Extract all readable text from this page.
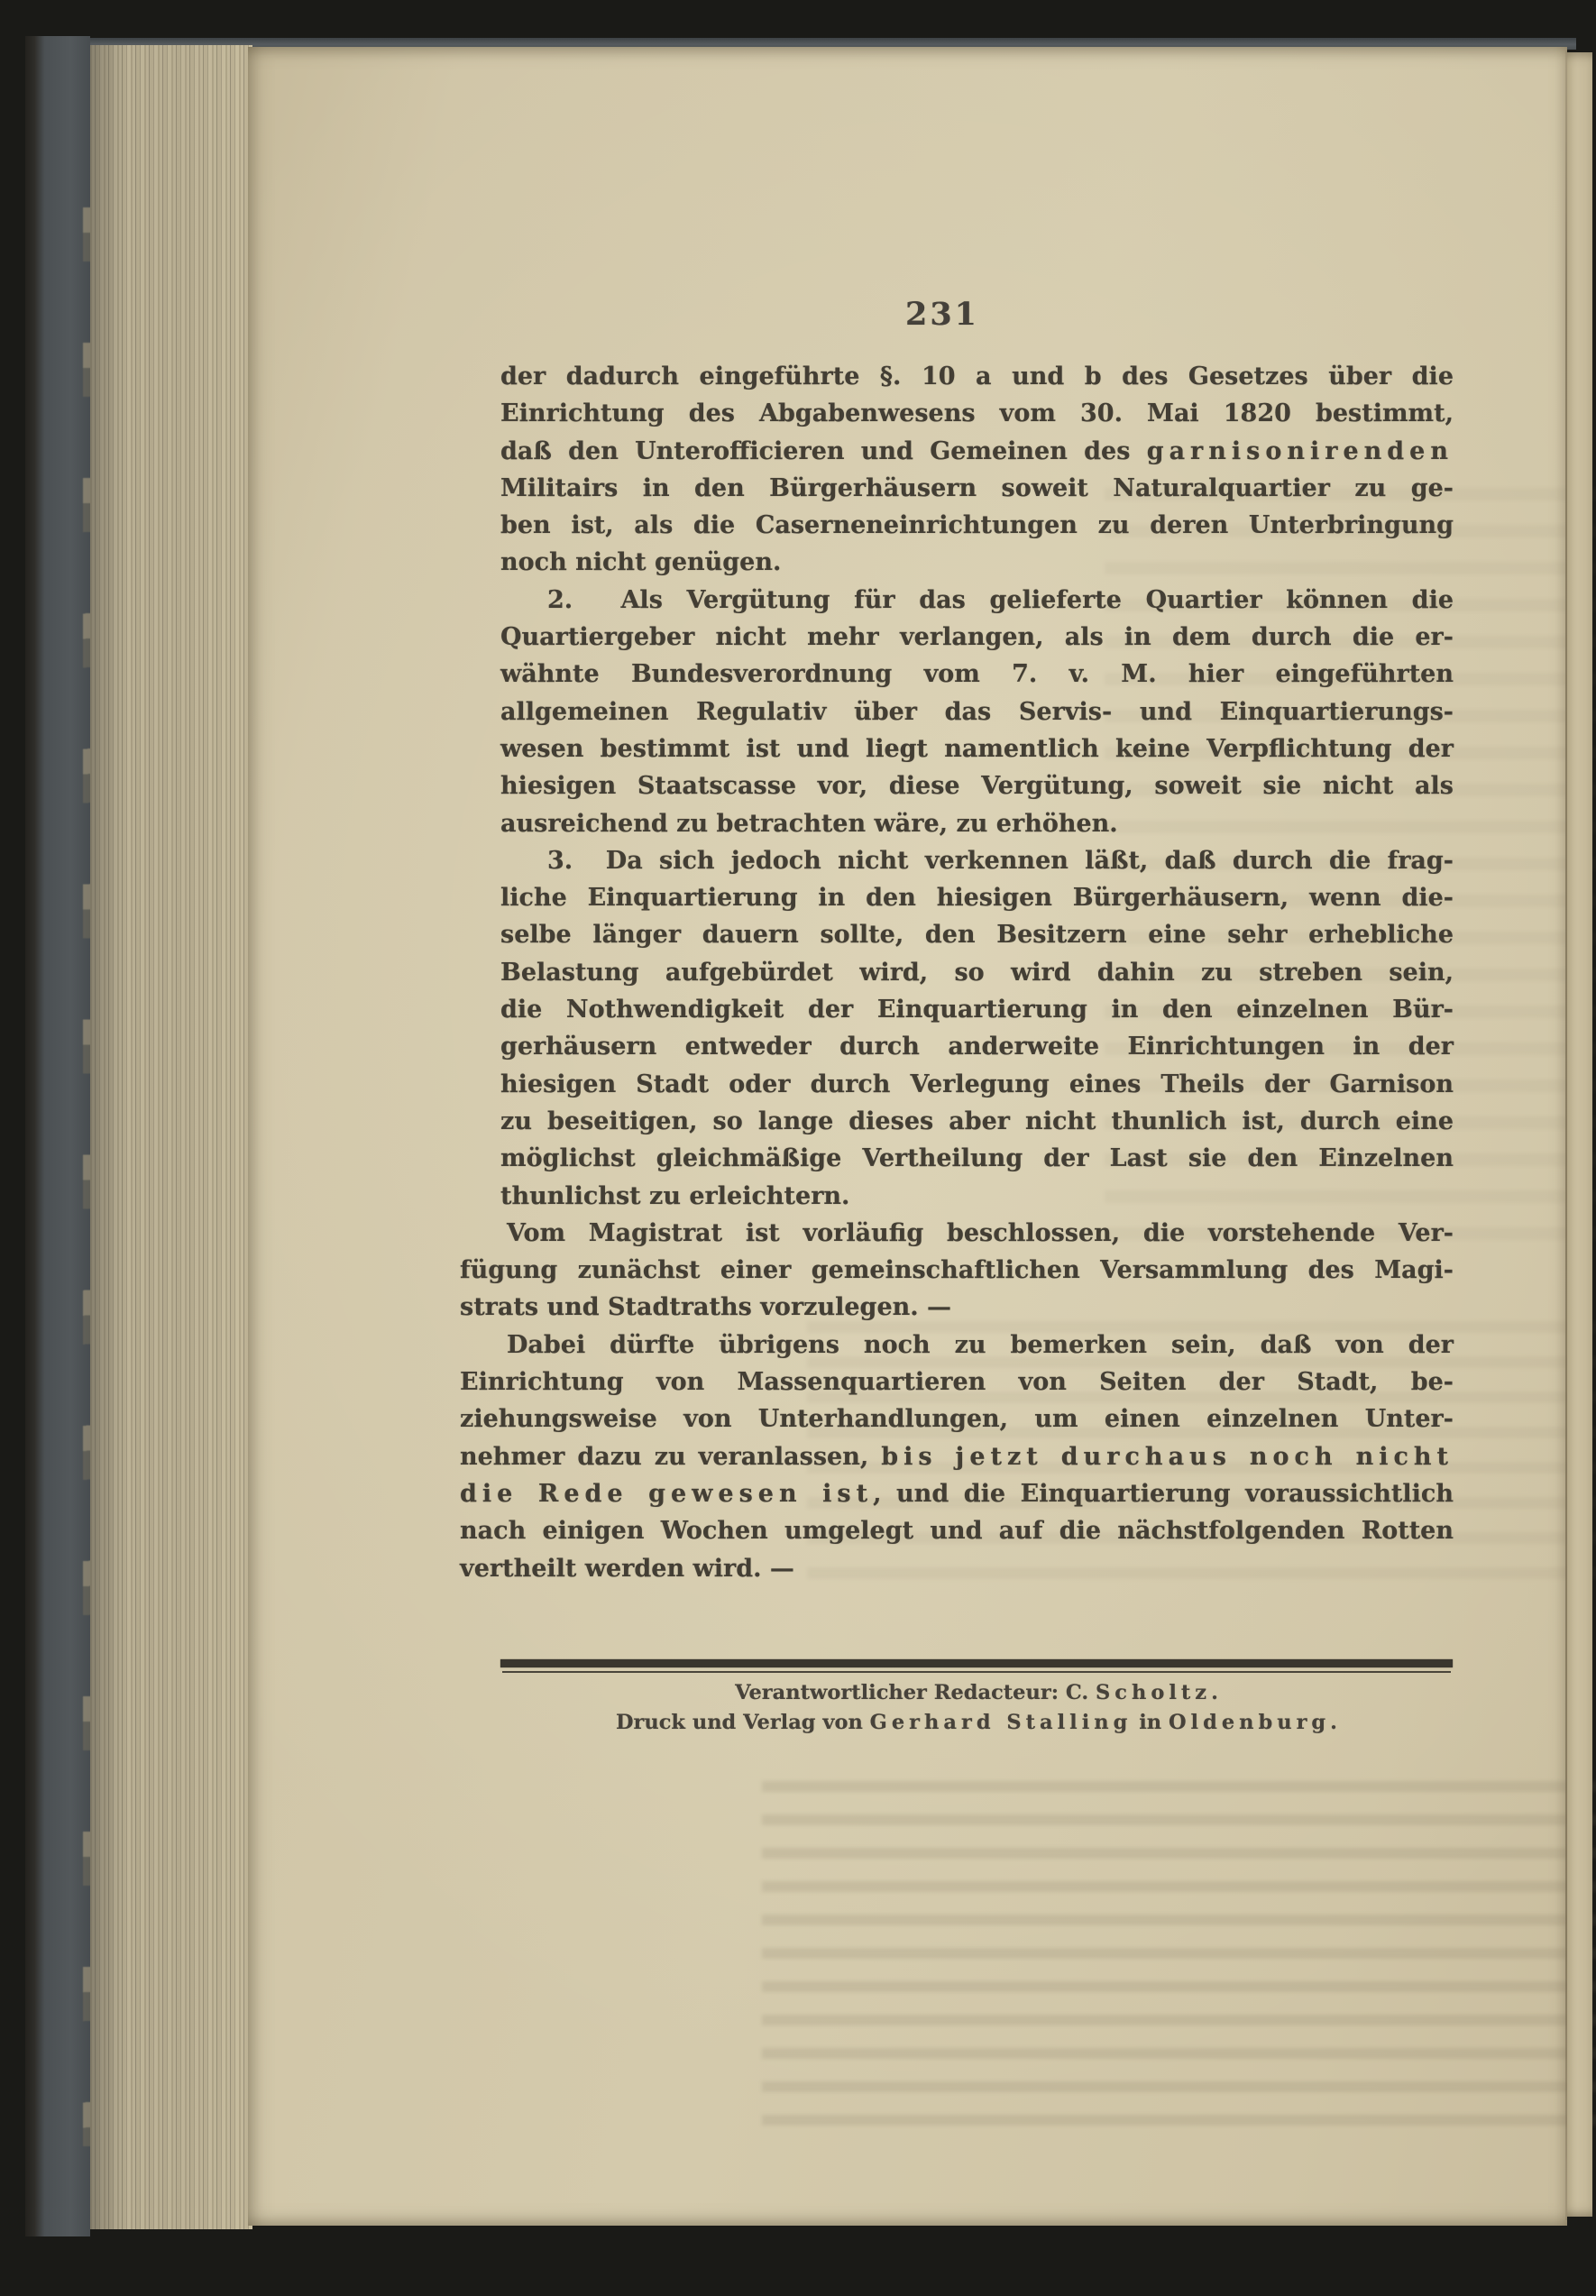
231
der dadurch eingeführte §. 10 a und b des Gesetzes über die
Einrichtung des Abgabenwesens vom 30. Mai 1820 bestimmt,
daß den Unterofficieren und Gemeinen des garnisonirenden
Militairs in den Bürgerhäusern soweit Naturalquartier zu ge-
ben ist, als die Caserneneinrichtungen zu deren Unterbringung
noch nicht genügen.
2.  Als Vergütung für das gelieferte Quartier können die
Quartiergeber nicht mehr verlangen, als in dem durch die er-
wähnte Bundesverordnung vom 7. v. M. hier eingeführten
allgemeinen Regulativ über das Servis- und Einquartierungs-
wesen bestimmt ist und liegt namentlich keine Verpflichtung der
hiesigen Staatscasse vor, diese Vergütung, soweit sie nicht als
ausreichend zu betrachten wäre, zu erhöhen.
3.  Da sich jedoch nicht verkennen läßt, daß durch die frag-
liche Einquartierung in den hiesigen Bürgerhäusern, wenn die-
selbe länger dauern sollte, den Besitzern eine sehr erhebliche
Belastung aufgebürdet wird, so wird dahin zu streben sein,
die Nothwendigkeit der Einquartierung in den einzelnen Bür-
gerhäusern entweder durch anderweite Einrichtungen in der
hiesigen Stadt oder durch Verlegung eines Theils der Garnison
zu beseitigen, so lange dieses aber nicht thunlich ist, durch eine
möglichst gleichmäßige Vertheilung der Last sie den Einzelnen
thunlichst zu erleichtern.
Vom Magistrat ist vorläufig beschlossen, die vorstehende Ver-
fügung zunächst einer gemeinschaftlichen Versammlung des Magi-
strats und Stadtraths vorzulegen. —
Dabei dürfte übrigens noch zu bemerken sein, daß von der
Einrichtung von Massenquartieren von Seiten der Stadt, be-
ziehungsweise von Unterhandlungen, um einen einzelnen Unter-
nehmer dazu zu veranlassen, bis jetzt durchaus noch nicht
die Rede gewesen ist, und die Einquartierung voraussichtlich
nach einigen Wochen umgelegt und auf die nächstfolgenden Rotten
vertheilt werden wird. —
Verantwortlicher Redacteur: C. Scholtz.
Druck und Verlag von Gerhard Stalling in Oldenburg.
